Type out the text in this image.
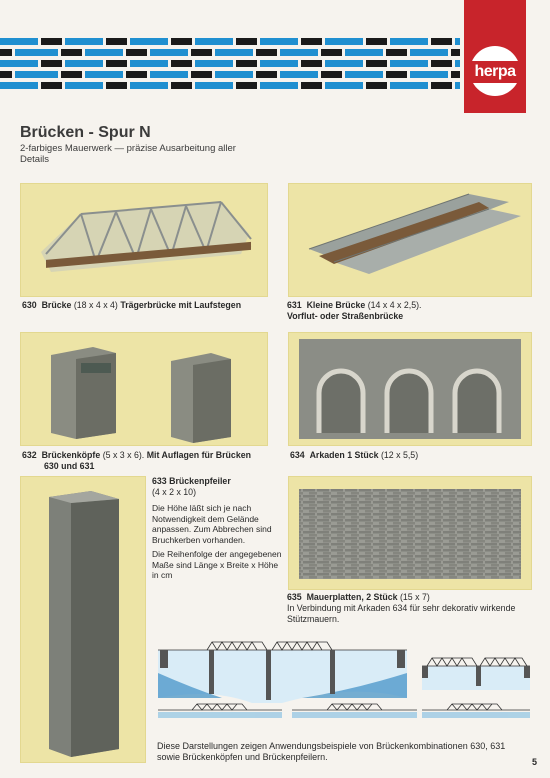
herpa
Brücken - Spur N
2-farbiges Mauerwerk — präzise Ausarbeitung aller Details
630 Brücke (18 x 4 x 4) Trägerbrücke mit Laufstegen	631 Kleine Brücke (14 x 4 x 2,5).
Vorflut- oder Straßenbrücke
632 Brückenköpfe (5 x 3 x 6). Mit Auflagen für Brücken
630 und 631
634 Arkaden 1 Stück (12 x 5,5)
633 Brückenpfeiler
(4 x 2 x 10)
Die Höhe läßt sich je nach Notwendigkeit dem Gelände anpassen. Zum Abbrechen sind Bruchkerben vorhanden.
Die Reihenfolge der angegebenen Maße sind Länge x Breite x Höhe in cm
635 Mauerplatten, 2 Stück (15 x 7)
In Verbindung mit Arkaden 634 für sehr dekorativ wirkende Stützmauern.
Diese Darstellungen zeigen Anwendungsbeispiele von Brückenkombinationen 630, 631 sowie Brückenköpfen und Brückenpfeilern.	5
